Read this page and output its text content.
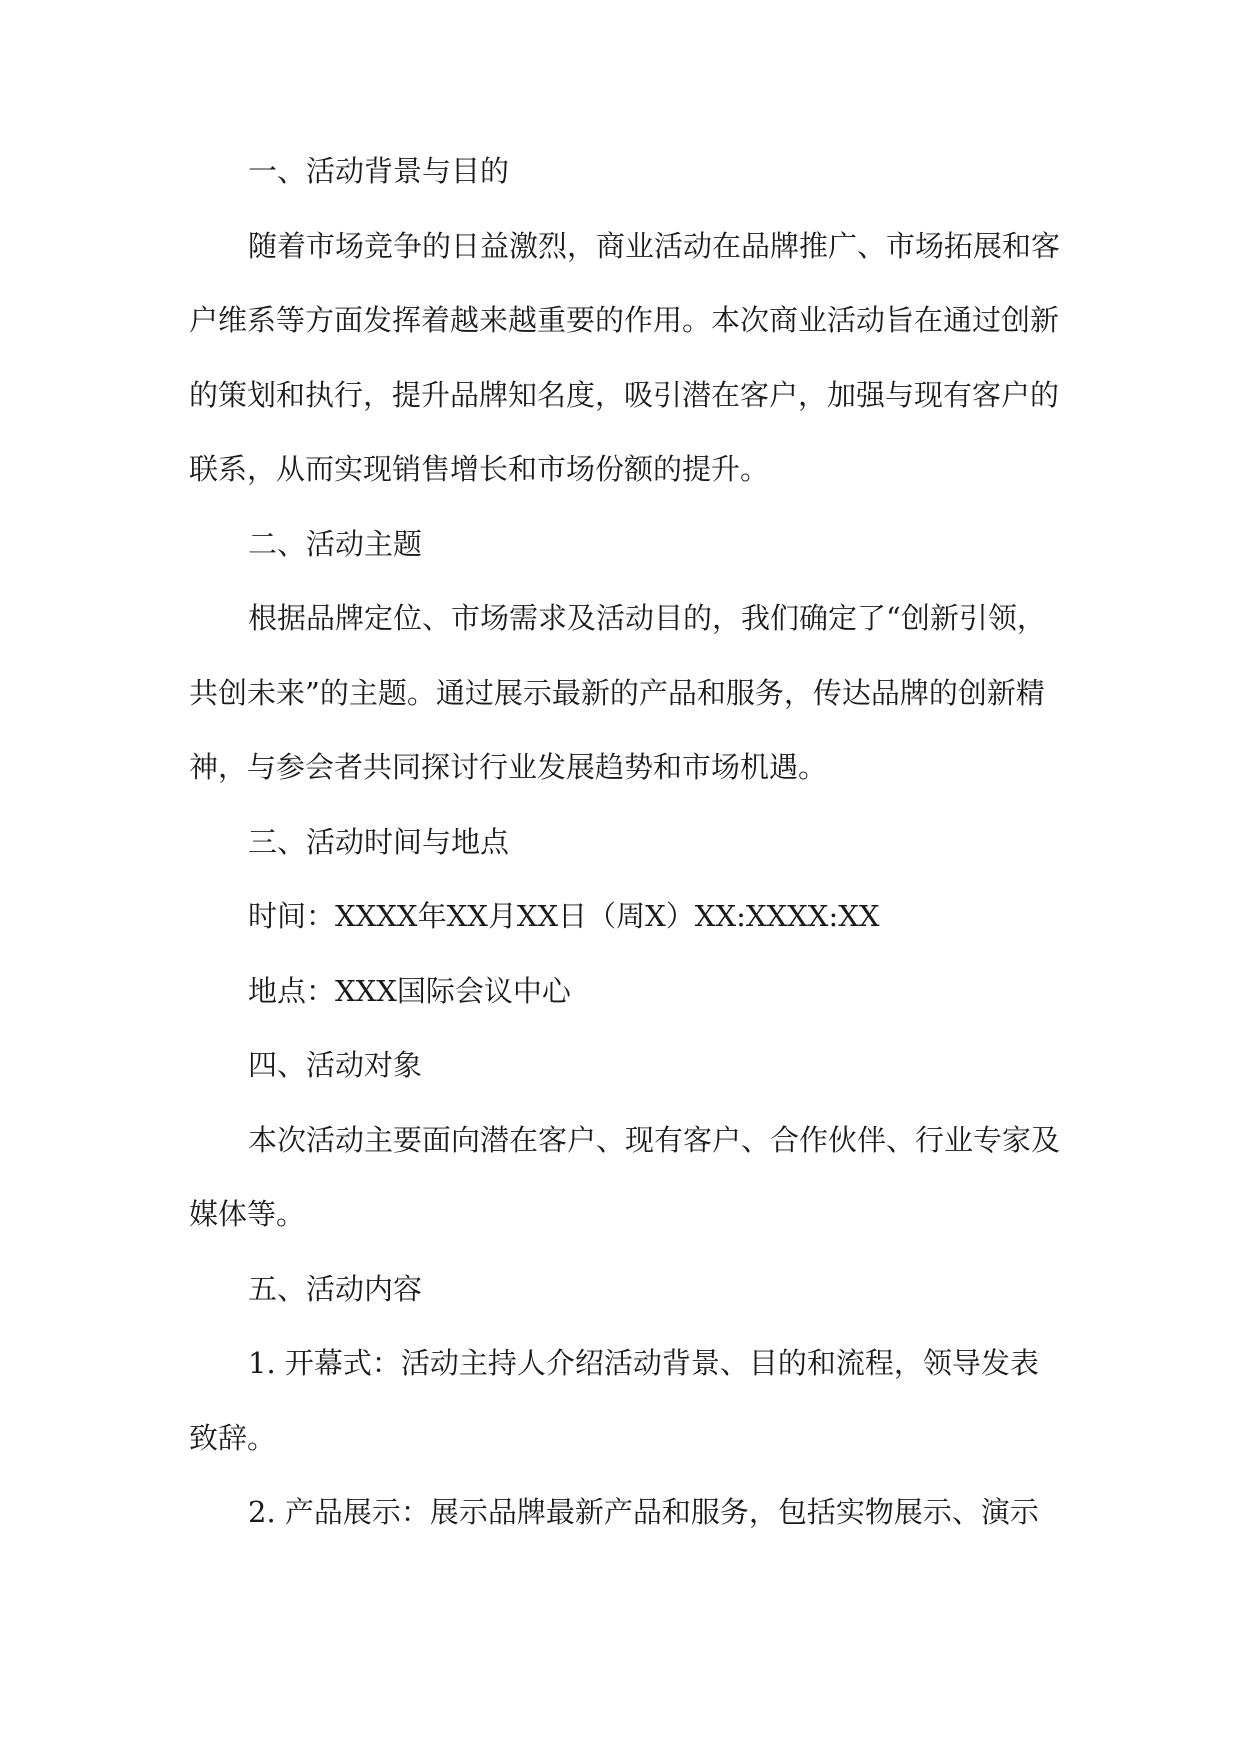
一、活动背景与目的
随着市场竞争的日益激烈，商业活动在品牌推广、市场拓展和客
户维系等方面发挥着越来越重要的作用。本次商业活动旨在通过创新
的策划和执行，提升品牌知名度，吸引潜在客户，加强与现有客户的
联系，从而实现销售增长和市场份额的提升。
二、活动主题
根据品牌定位、市场需求及活动目的，我们确定了“创新引领，
共创未来”的主题。通过展示最新的产品和服务，传达品牌的创新精
神，与参会者共同探讨行业发展趋势和市场机遇。
三、活动时间与地点
时间：XXXX年XX月XX日（周X）XX:XXXX:XX
地点：XXX国际会议中心
四、活动对象
本次活动主要面向潜在客户、现有客户、合作伙伴、行业专家及
媒体等。
五、活动内容
1. 开幕式：活动主持人介绍活动背景、目的和流程，领导发表
致辞。
2. 产品展示：展示品牌最新产品和服务，包括实物展示、演示
